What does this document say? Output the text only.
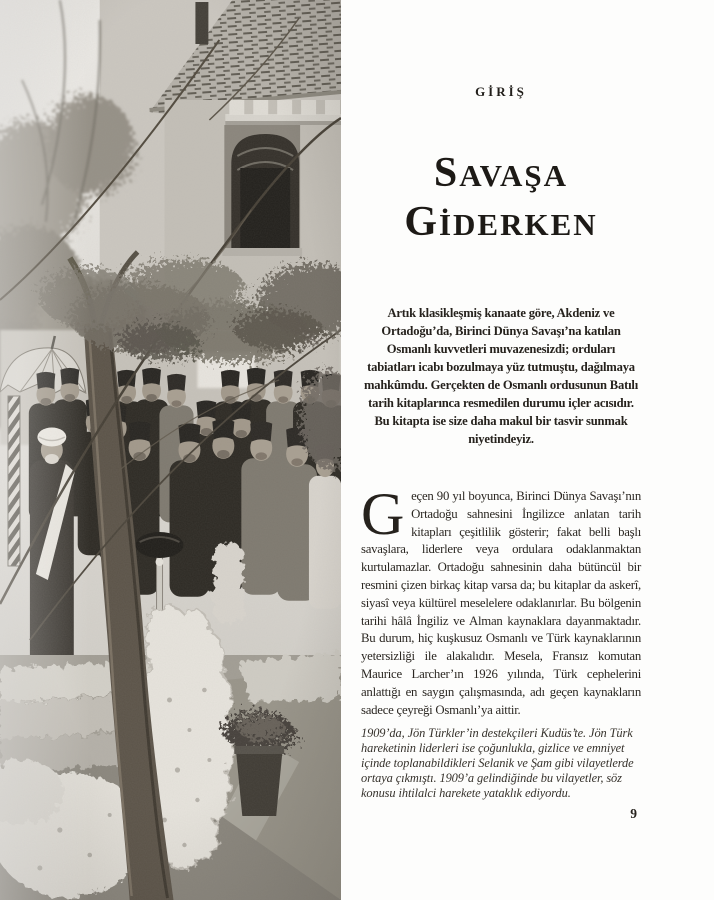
GİRİŞ
SAVAŞA
GİDERKEN

Artık klasikleşmiş kanaate göre, Akdeniz ve Ortadoğu’da, Birinci Dünya Savaşı’na katılan Osmanlı kuvvetleri muvazenesizdi; orduları tabiatları icabı bozulmaya yüz tutmuştu, dağılmaya mahkûmdu. Gerçekten de Osmanlı ordusunun Batılı tarih kitaplarınca resmedilen durumu içler acısıdır. Bu kitapta ise size daha makul bir tasvir sunmak niyetindeyiz.

Geçen 90 yıl boyunca, Birinci Dünya Savaşı’nın Ortadoğu sahnesini İngilizce anlatan tarih kitapları çeşitlilik gösterir; fakat belli başlı savaşlara, liderlere veya ordulara odaklanmaktan kurtulamazlar. Ortadoğu sahnesinin daha bütüncül bir resmini çizen birkaç kitap varsa da; bu kitaplar da askerî, siyasî veya kültürel meselelere odaklanırlar. Bu bölgenin tarihi hâlâ İngiliz ve Alman kaynaklara dayanmaktadır. Bu durum, hiç kuşkusuz Osmanlı ve Türk kaynaklarının yetersizliği ile alakalıdır. Mesela, Fransız komutan Maurice Larcher’ın 1926 yılında, Türk cephelerini anlattığı en saygın çalışmasında, adı geçen kaynakların sadece çeyreği Osmanlı’ya aittir.

1909’da, Jön Türkler’in destekçileri Kudüs’te. Jön Türk hareketinin liderleri ise çoğunlukla, gizlice ve emniyet içinde toplanabildikleri Selanik ve Şam gibi vilayetlerde ortaya çıkmıştı. 1909’a gelindiğinde bu vilayetler, söz konusu ihtilalci harekete yataklık ediyordu.

9
